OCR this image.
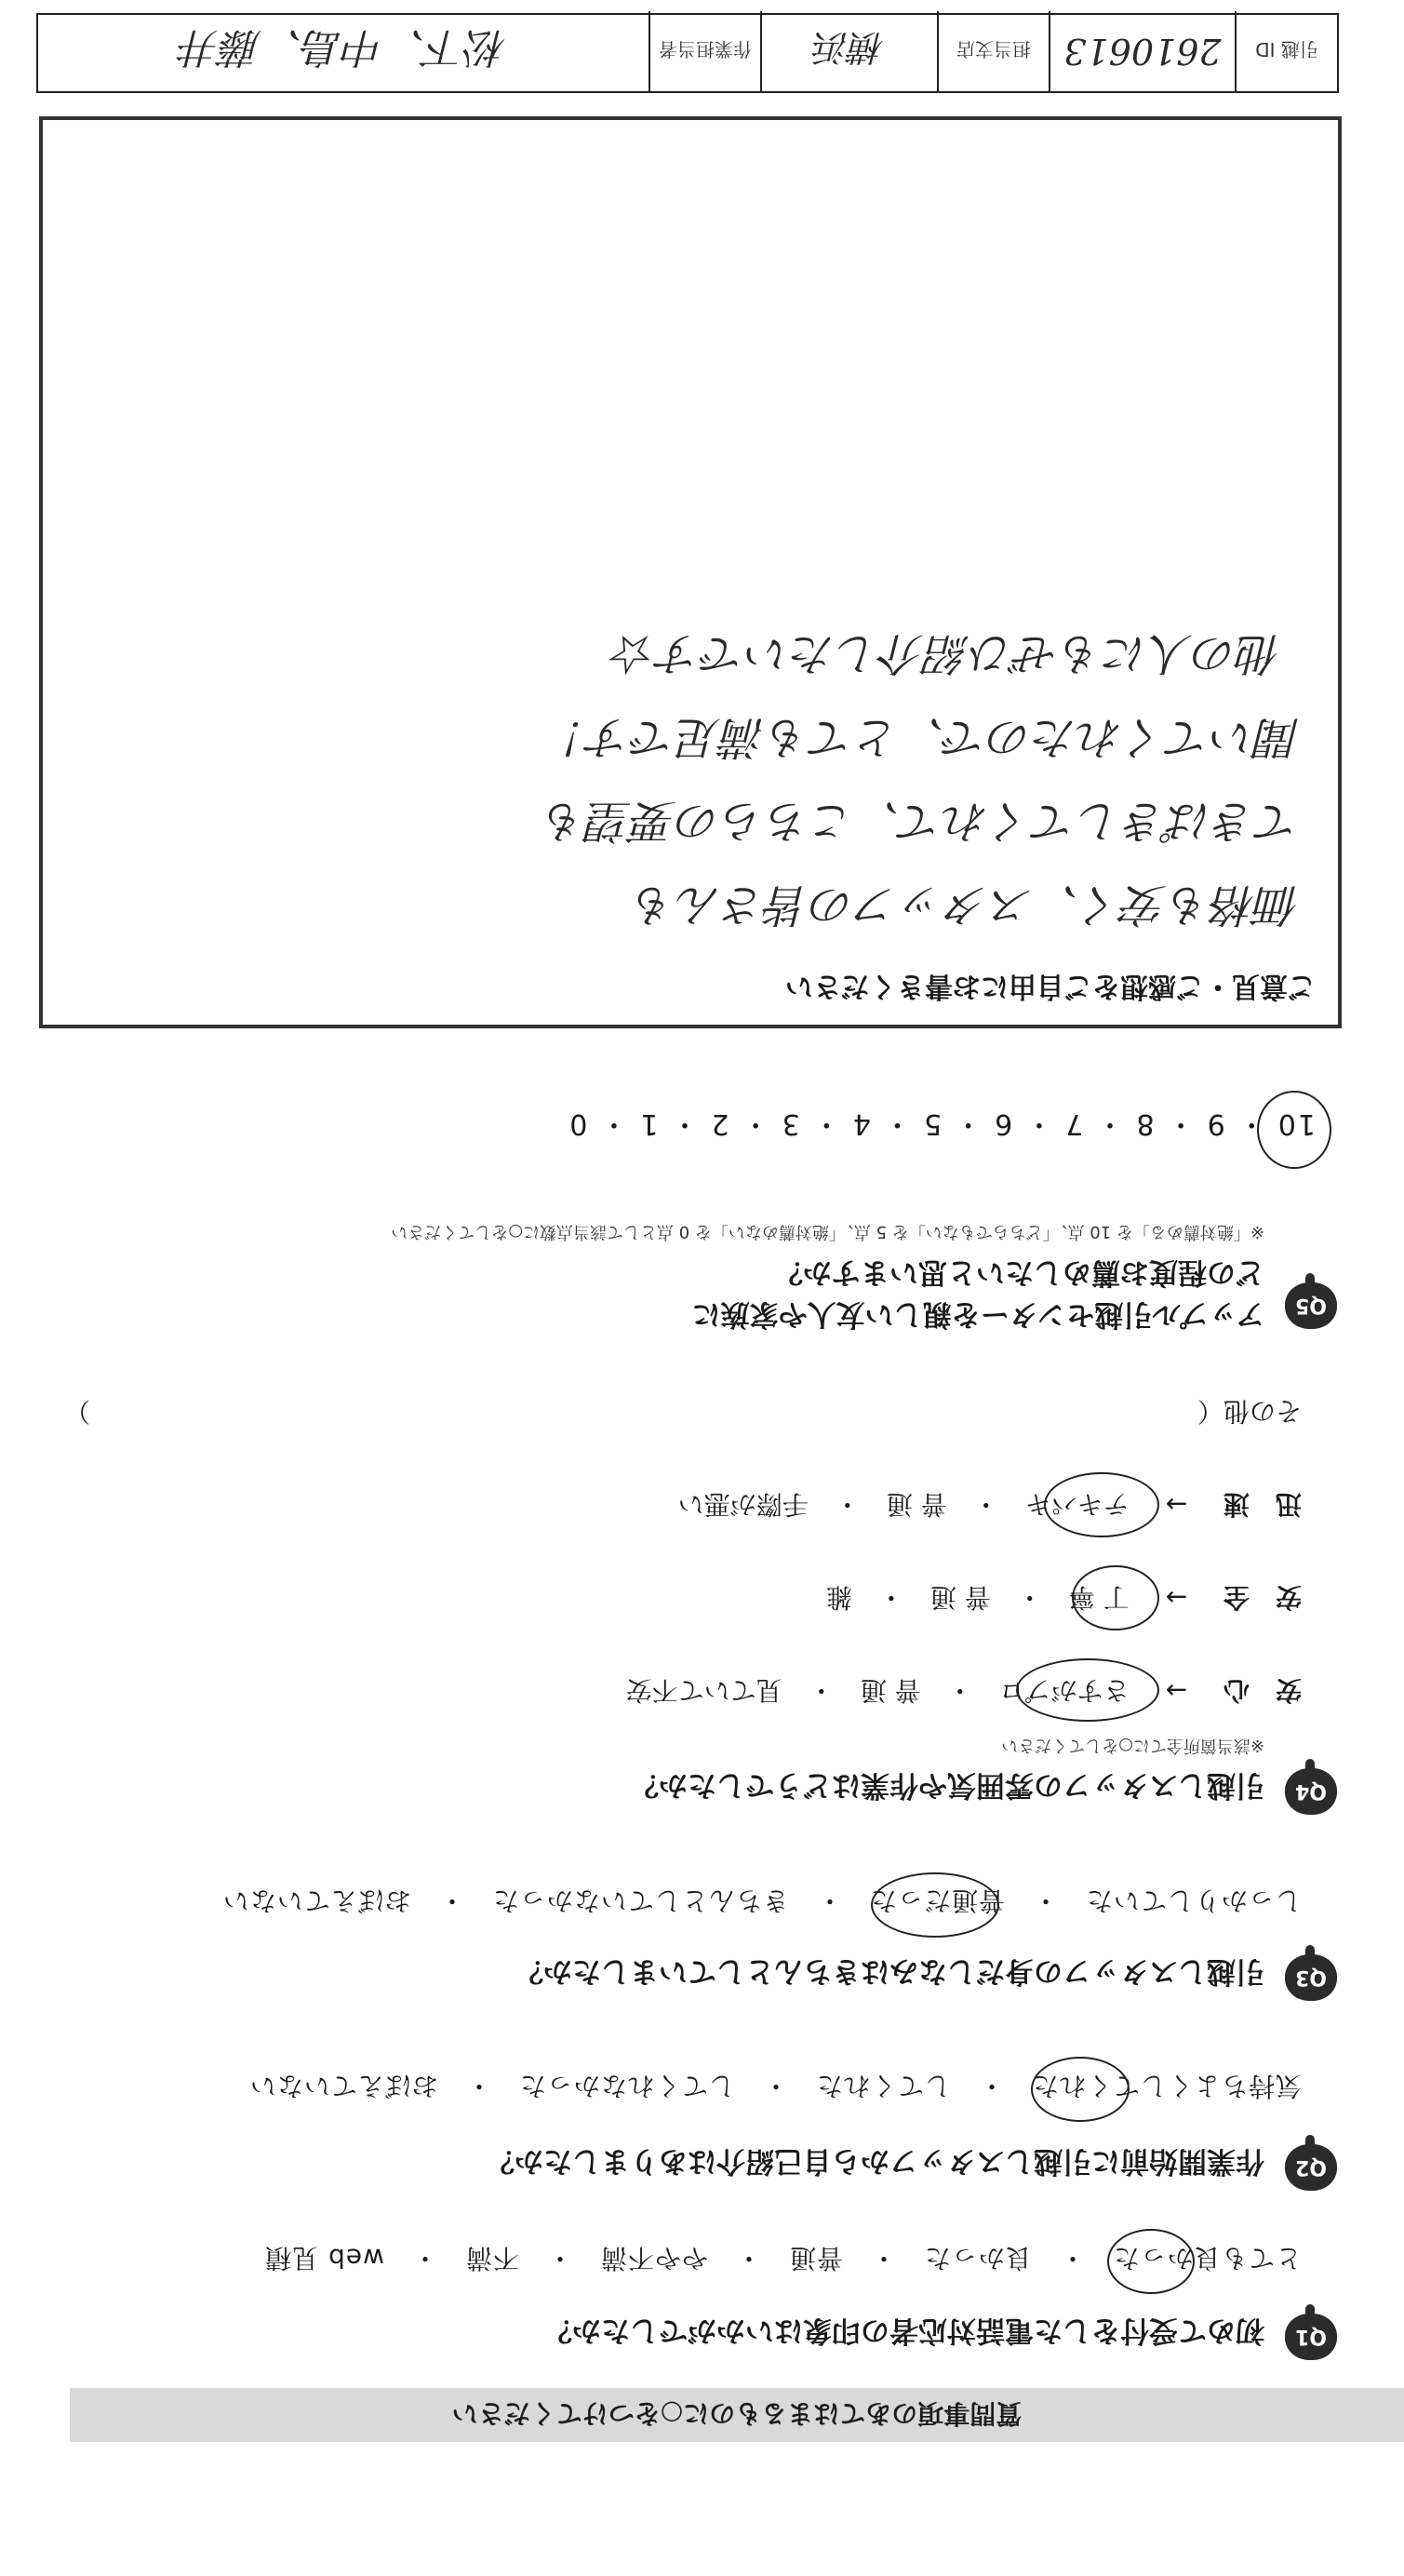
質問事項のあてはまるものに○をつけてください
Q1
初めて受付をした電話対応者の印象はいかがでしたか？
とても良かった　・　良かった　・　普通　・　やや不満　・　不満　・　web 見積
Q2
作業開始前に引越しスタッフから自己紹介はありましたか？
気持ちよくしてくれた　・　してくれた　・　してくれなかった　・　おぼえていない
Q3
引越しスタッフの身だしなみはきちんとしていましたか？
しっかりしていた　・　普通だった　・　きちんとしていなかった　・　おぼえていない
Q4
引越しスタッフの雰囲気や作業はどうでしたか？
※該当箇所全てに○をしてください
安　心 → さすがプロ　・　普 通　・　見ていて不安
安　全 → 丁 寧　・　普 通　・　雑
迅　速 → テキパキ　・　普 通　・　手際が悪い
その他（
）
Q5
アップル引越センターを親しい友人や家族に
どの程度お薦めしたいと思いますか？
※「絶対薦める」を 10 点、「どちらでもない」を 5 点、「絶対薦めない」を 0 点として該当点数に○をしてください
10 ・ 9 ・ 8 ・ 7 ・ 6 ・ 5 ・ 4 ・ 3 ・ 2 ・ 1 ・ 0
ご意見・ご感想をご自由にお書きください
価格も安く、スタッフの皆さんも
てきぱきしてくれて、こちらの要望も
聞いてくれたので、とても満足です！
他の人にもぜひ紹介したいです☆
引越 ID
2610613
担当支店
横浜
作業担当者
松下、中島、藤井
